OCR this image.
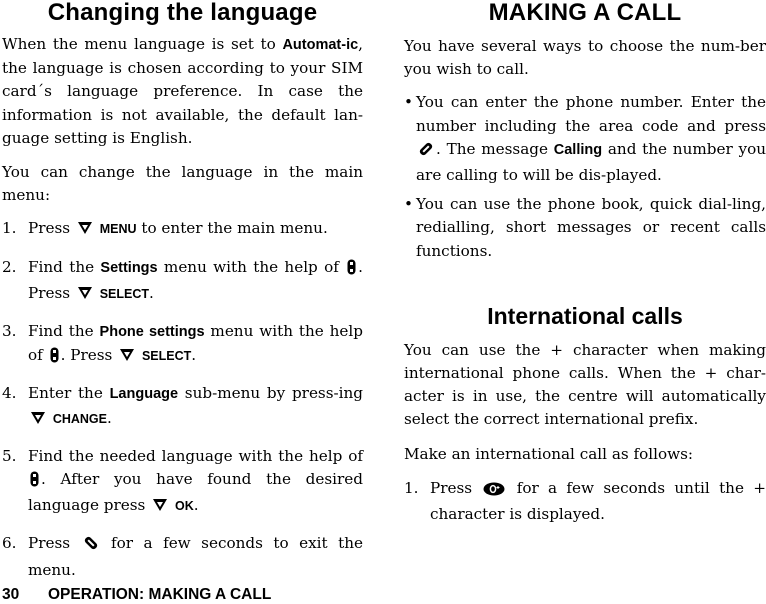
Changing the language

When the menu language is set to Automat-ic, the language is chosen according to your SIM card´s language preference. In case the information is not available, the default lan-guage setting is English.

You can change the language in the main menu:

1. Press MENU to enter the main menu.
2. Find the Settings menu with the help of . Press SELECT.
3. Find the Phone settings menu with the help of . Press SELECT.
4. Enter the Language sub-menu by press-ing  CHANGE.
5. Find the needed language with the help of . After you have found the desired language press OK.
6. Press  for a few seconds to exit the menu.
MAKING A CALL

You have several ways to choose the num-ber you wish to call.

• You can enter the phone number. Enter the number including the area code and press . The message Calling and the number you are calling to will be dis-played.
• You can use the phone book, quick dial-ling, redialling, short messages or recent calls functions.
International calls

You can use the + character when making international phone calls. When the + char-acter is in use, the centre will automatically select the correct international prefix.

Make an international call as follows:

1. Press  for a few seconds until the + character is displayed.
30 OPERATION: MAKING A CALL
